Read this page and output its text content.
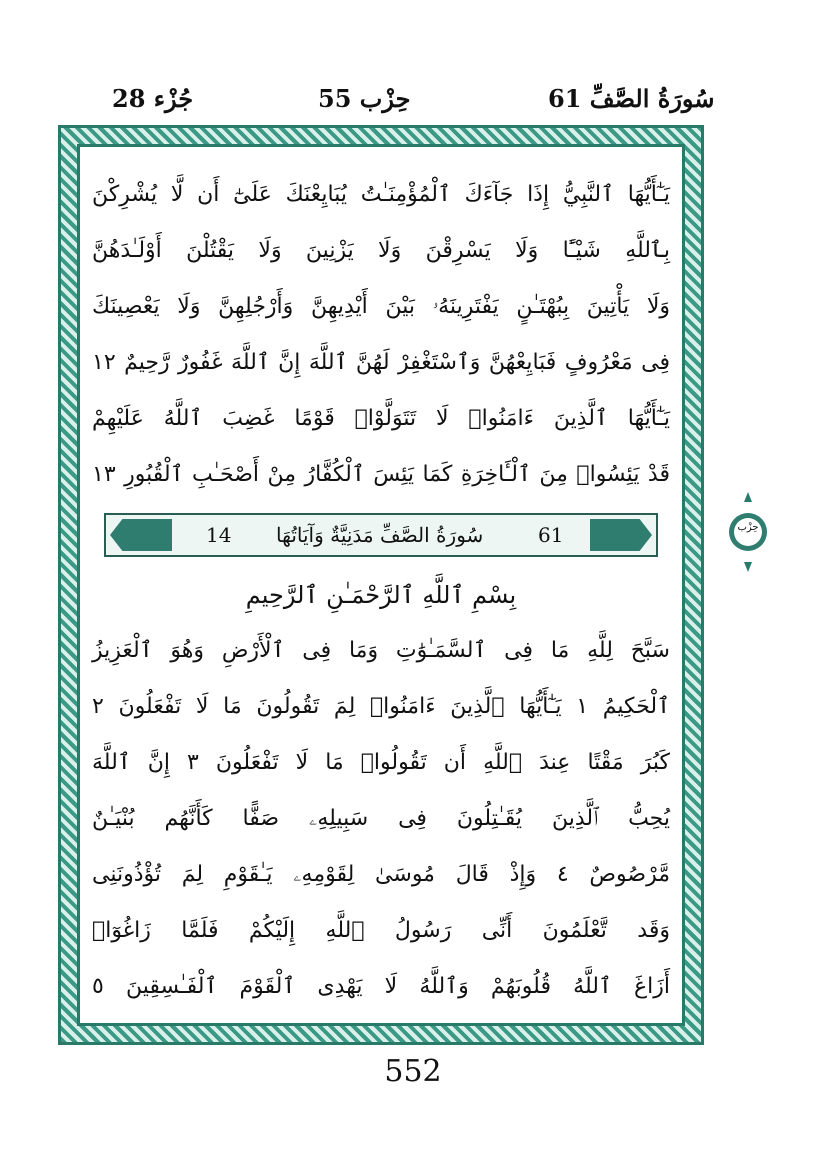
جُزْء 28	حِزْب 55	61 سُورَةُ الصَّفِّ
يَـٰٓأَيُّهَا ٱلنَّبِيُّ إِذَا جَآءَكَ ٱلْمُؤْمِنَـٰتُ يُبَايِعْنَكَ عَلَىٰٓ أَن لَّا يُشْرِكْنَ
بِٱللَّهِ شَيْـًٔا وَلَا يَسْرِقْنَ وَلَا يَزْنِينَ وَلَا يَقْتُلْنَ أَوْلَـٰدَهُنَّ
وَلَا يَأْتِينَ بِبُهْتَـٰنٍ يَفْتَرِينَهُۥ بَيْنَ أَيْدِيهِنَّ وَأَرْجُلِهِنَّ وَلَا يَعْصِينَكَ
فِى مَعْرُوفٍ فَبَايِعْهُنَّ وَٱسْتَغْفِرْ لَهُنَّ ٱللَّهَ إِنَّ ٱللَّهَ غَفُورٌ رَّحِيمٌ ١٢
يَـٰٓأَيُّهَا ٱلَّذِينَ ءَامَنُوا۟ لَا تَتَوَلَّوْا۟ قَوْمًا غَضِبَ ٱللَّهُ عَلَيْهِمْ
قَدْ يَئِسُوا۟ مِنَ ٱلْـَٔاخِرَةِ كَمَا يَئِسَ ٱلْكُفَّارُ مِنْ أَصْحَـٰبِ ٱلْقُبُورِ ١٣
14 سُورَةُ الصَّفِّ مَدَنِيَّةٌ وَآيَاتُهَا	61
بِسْمِ ٱللَّهِ ٱلرَّحْمَـٰنِ ٱلرَّحِيمِ
سَبَّحَ لِلَّهِ مَا فِى ٱلسَّمَـٰوَٰتِ وَمَا فِى ٱلْأَرْضِ وَهُوَ ٱلْعَزِيزُ
ٱلْحَكِيمُ ١ يَـٰٓأَيُّهَا ٱلَّذِينَ ءَامَنُوا۟ لِمَ تَقُولُونَ مَا لَا تَفْعَلُونَ ٢
كَبُرَ مَقْتًا عِندَ ٱللَّهِ أَن تَقُولُوا۟ مَا لَا تَفْعَلُونَ ٣ إِنَّ ٱللَّهَ
يُحِبُّ ٱلَّذِينَ يُقَـٰتِلُونَ فِى سَبِيلِهِۦ صَفًّا كَأَنَّهُم بُنْيَـٰنٌ
مَّرْصُوصٌ ٤ وَإِذْ قَالَ مُوسَىٰ لِقَوْمِهِۦ يَـٰقَوْمِ لِمَ تُؤْذُونَنِى
وَقَد تَّعْلَمُونَ أَنِّى رَسُولُ ٱللَّهِ إِلَيْكُمْ فَلَمَّا زَاغُوٓا۟
أَزَاغَ ٱللَّهُ قُلُوبَهُمْ وَٱللَّهُ لَا يَهْدِى ٱلْقَوْمَ ٱلْفَـٰسِقِينَ ٥
حِزْب
552
